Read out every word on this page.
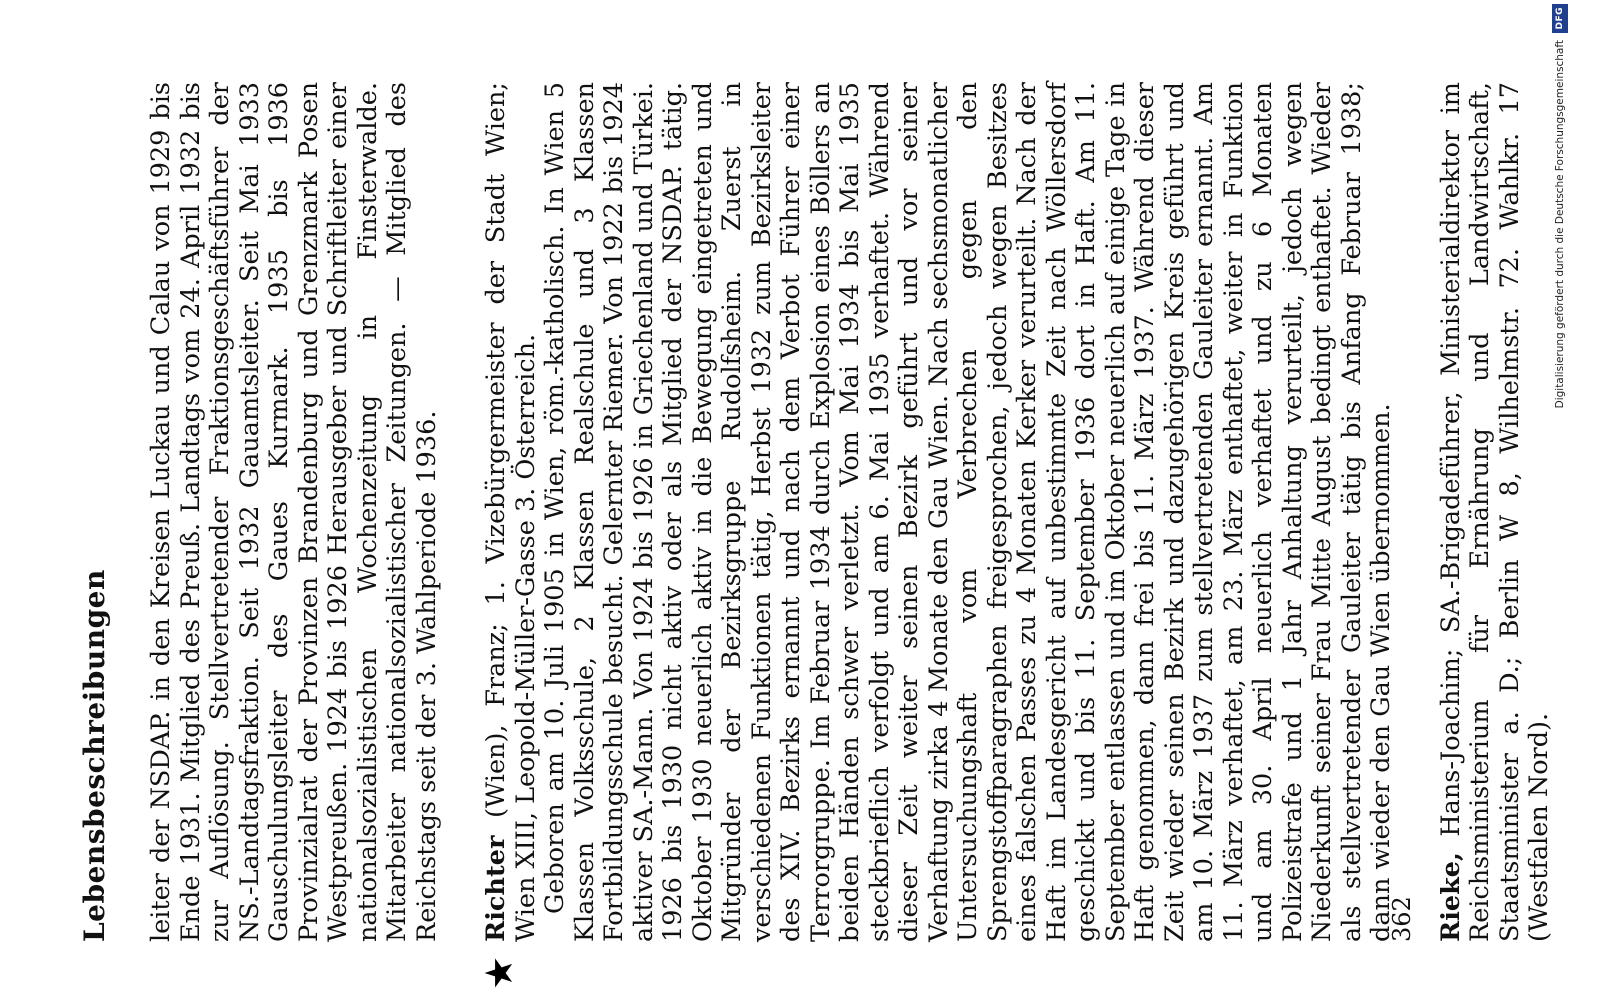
Lebensbeschreibungen leiter der NSDAP. in den Kreisen Luckau und Calau von 1929 bis Ende 1931. Mitglied des Preuß. Landtags vom 24. April 1932 bis zur Auflösung. Stellvertretender Fraktionsgeschäftsführer der NS.-Landtagsfraktion. Seit 1932 Gauamtsleiter. Seit Mai 1933 Gauschulungsleiter des Gaues Kurmark. 1935 bis 1936 Provinzialrat der Provinzen Brandenburg und Grenzmark Posen Westpreußen. 1924 bis 1926 Herausgeber und Schriftleiter einer nationalsozialistischen Wochenzeitung in Finsterwalde. Mitarbeiter nationalsozialistischer Zeitungen. — Mitglied des Reichstags seit der 3. Wahlperiode 1936.

★

Richter (Wien), Franz; 1. Vizebürgermeister der Stadt Wien; Wien XIII, Leopold-Müller-Gasse 3. Österreich. Geboren am 10. Juli 1905 in Wien, röm.-katholisch. In Wien 5 Klassen Volksschule, 2 Klassen Realschule und 3 Klassen Fortbildungsschule besucht. Gelernter Riemer. Von 1922 bis 1924 aktiver SA.-Mann. Von 1924 bis 1926 in Griechenland und Türkei. 1926 bis 1930 nicht aktiv oder als Mitglied der NSDAP. tätig. Oktober 1930 neuerlich aktiv in die Bewegung eingetreten und Mitgründer der Bezirksgruppe Rudolfsheim. Zuerst in verschiedenen Funktionen tätig, Herbst 1932 zum Bezirksleiter des XIV. Bezirks ernannt und nach dem Verbot Führer einer Terrorgruppe. Im Februar 1934 durch Explosion eines Böllers an beiden Händen schwer verletzt. Vom Mai 1934 bis Mai 1935 steckbrieflich verfolgt und am 6. Mai 1935 verhaftet. Während dieser Zeit weiter seinen Bezirk geführt und vor seiner Verhaftung zirka 4 Monate den Gau Wien. Nach sechsmonatlicher Untersuchungshaft vom Verbrechen gegen den Sprengstoffparagraphen freigesprochen, jedoch wegen Besitzes eines falschen Passes zu 4 Monaten Kerker verurteilt. Nach der Haft im Landesgericht auf unbestimmte Zeit nach Wöllersdorf geschickt und bis 11. September 1936 dort in Haft. Am 11. September entlassen und im Oktober neuerlich auf einige Tage in Haft genommen, dann frei bis 11. März 1937. Während dieser Zeit wieder seinen Bezirk und dazugehörigen Kreis geführt und am 10. März 1937 zum stellvertretenden Gauleiter ernannt. Am 11. März verhaftet, am 23. März enthaftet, weiter in Funktion und am 30. April neuerlich verhaftet und zu 6 Monaten Polizeistrafe und 1 Jahr Anhaltung verurteilt, jedoch wegen Niederkunft seiner Frau Mitte August bedingt enthaftet. Wieder als stellvertretender Gauleiter tätig bis Anfang Februar 1938; dann wieder den Gau Wien übernommen. Rieke, Hans-Joachim; SA.-Brigadeführer, Ministerialdirektor im Reichsministerium für Ernährung und Landwirtschaft, Staatsminister a. D.; Berlin W 8, Wilhelmstr. 72. Wahlkr. 17 (Westfalen Nord).

362
Digitalisierung gefördert durch die Deutsche Forschungsgemeinschaft
DFG
